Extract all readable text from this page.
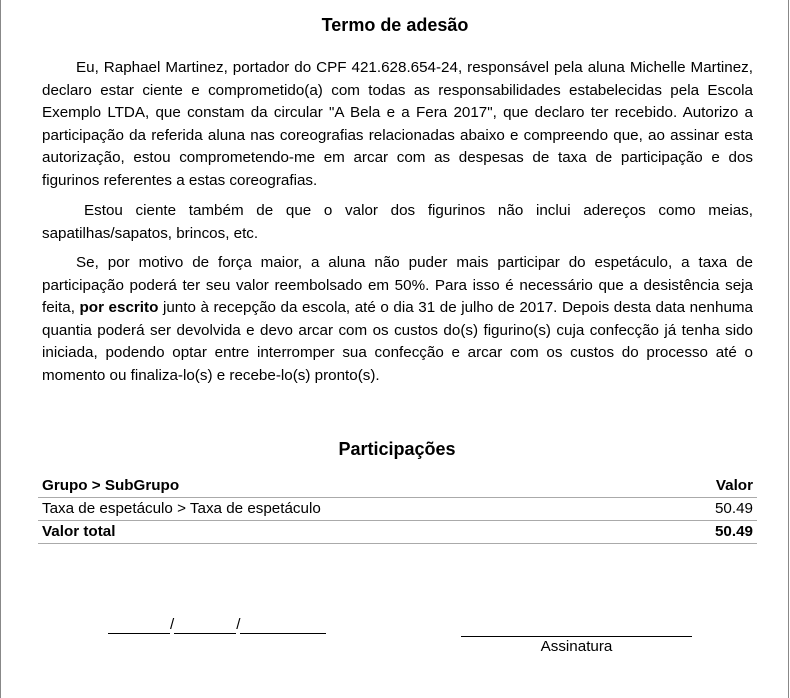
Termo de adesão

Eu, Raphael Martinez, portador do CPF 421.628.654-24, responsável pela aluna Michelle Martinez, declaro estar ciente e comprometido(a) com todas as responsabilidades estabelecidas pela Escola Exemplo LTDA, que constam da circular "A Bela e a Fera 2017", que declaro ter recebido. Autorizo a participação da referida aluna nas coreografias relacionadas abaixo e compreendo que, ao assinar esta autorização, estou comprometendo-me em arcar com as despesas de taxa de participação e dos figurinos referentes a estas coreografias.

Estou ciente também de que o valor dos figurinos não inclui adereços como meias, sapatilhas/sapatos, brincos, etc.

Se, por motivo de força maior, a aluna não puder mais participar do espetáculo, a taxa de participação poderá ter seu valor reembolsado em 50%. Para isso é necessário que a desistência seja feita, por escrito junto à recepção da escola, até o dia 31 de julho de 2017. Depois desta data nenhuma quantia poderá ser devolvida e devo arcar com os custos do(s) figurino(s) cuja confecção já tenha sido iniciada, podendo optar entre interromper sua confecção e arcar com os custos do processo até o momento ou finaliza-lo(s) e recebe-lo(s) pronto(s).

Participações
Grupo > SubGrupo	Valor
Taxa de espetáculo > Taxa de espetáculo	50.49
Valor total	50.49
/	/
Assinatura
